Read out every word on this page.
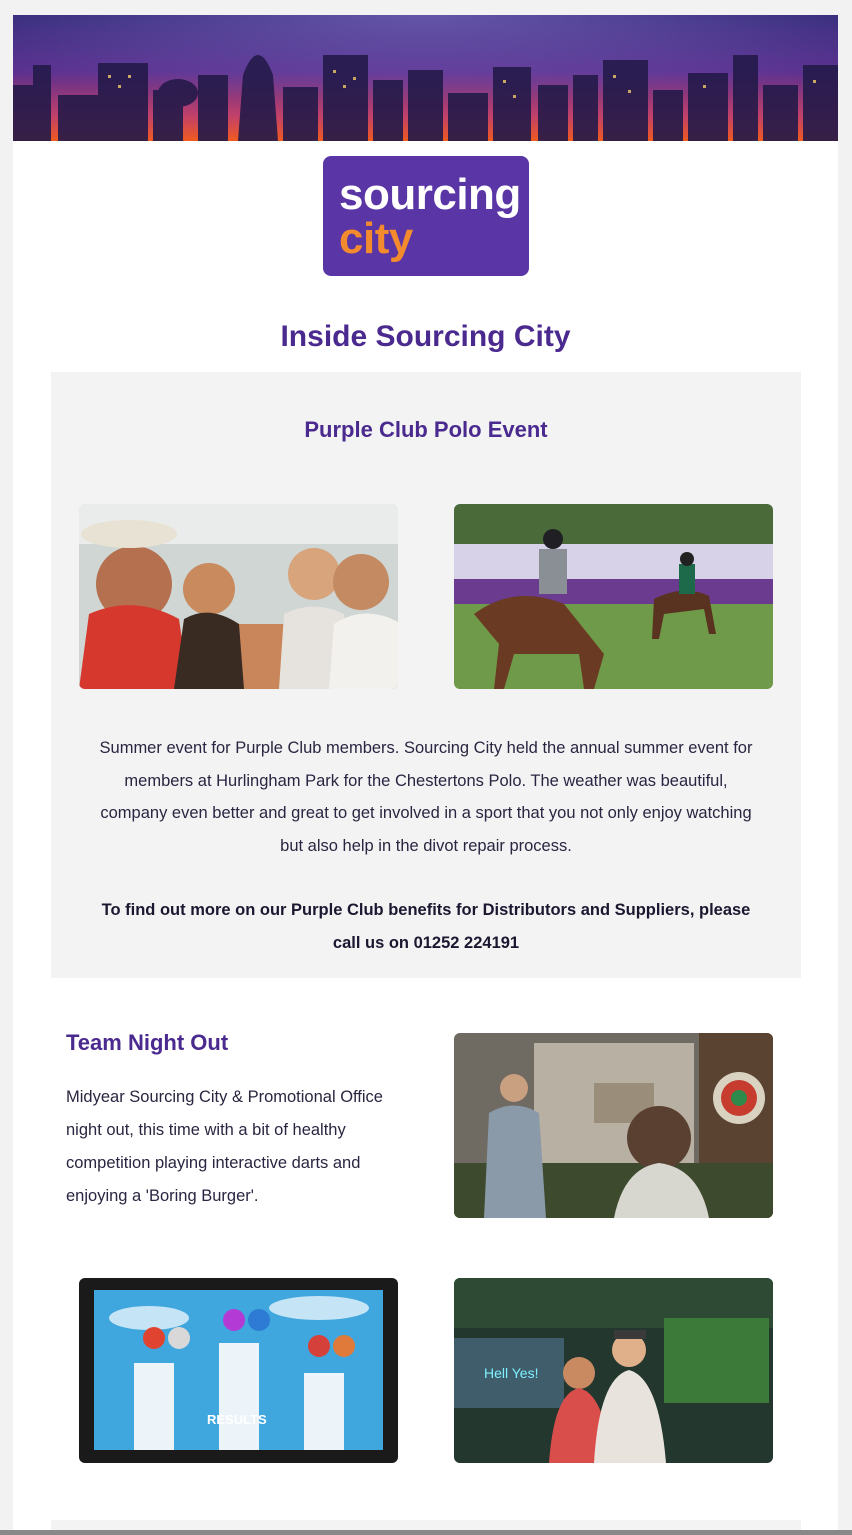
sourcing
city
Inside Sourcing City
Purple Club Polo Event
Summer event for Purple Club members. Sourcing City held the annual summer event for members at Hurlingham Park for the Chestertons Polo. The weather was beautiful, company even better and great to get involved in a sport that you not only enjoy watching but also help in the divot repair process.
To find out more on our Purple Club benefits for Distributors and Suppliers, please call us on 01252 224191
Team Night Out
Midyear Sourcing City & Promotional Office night out, this time with a bit of healthy competition playing interactive darts and enjoying a 'Boring Burger'.
RESULTS
Hell Yes!
